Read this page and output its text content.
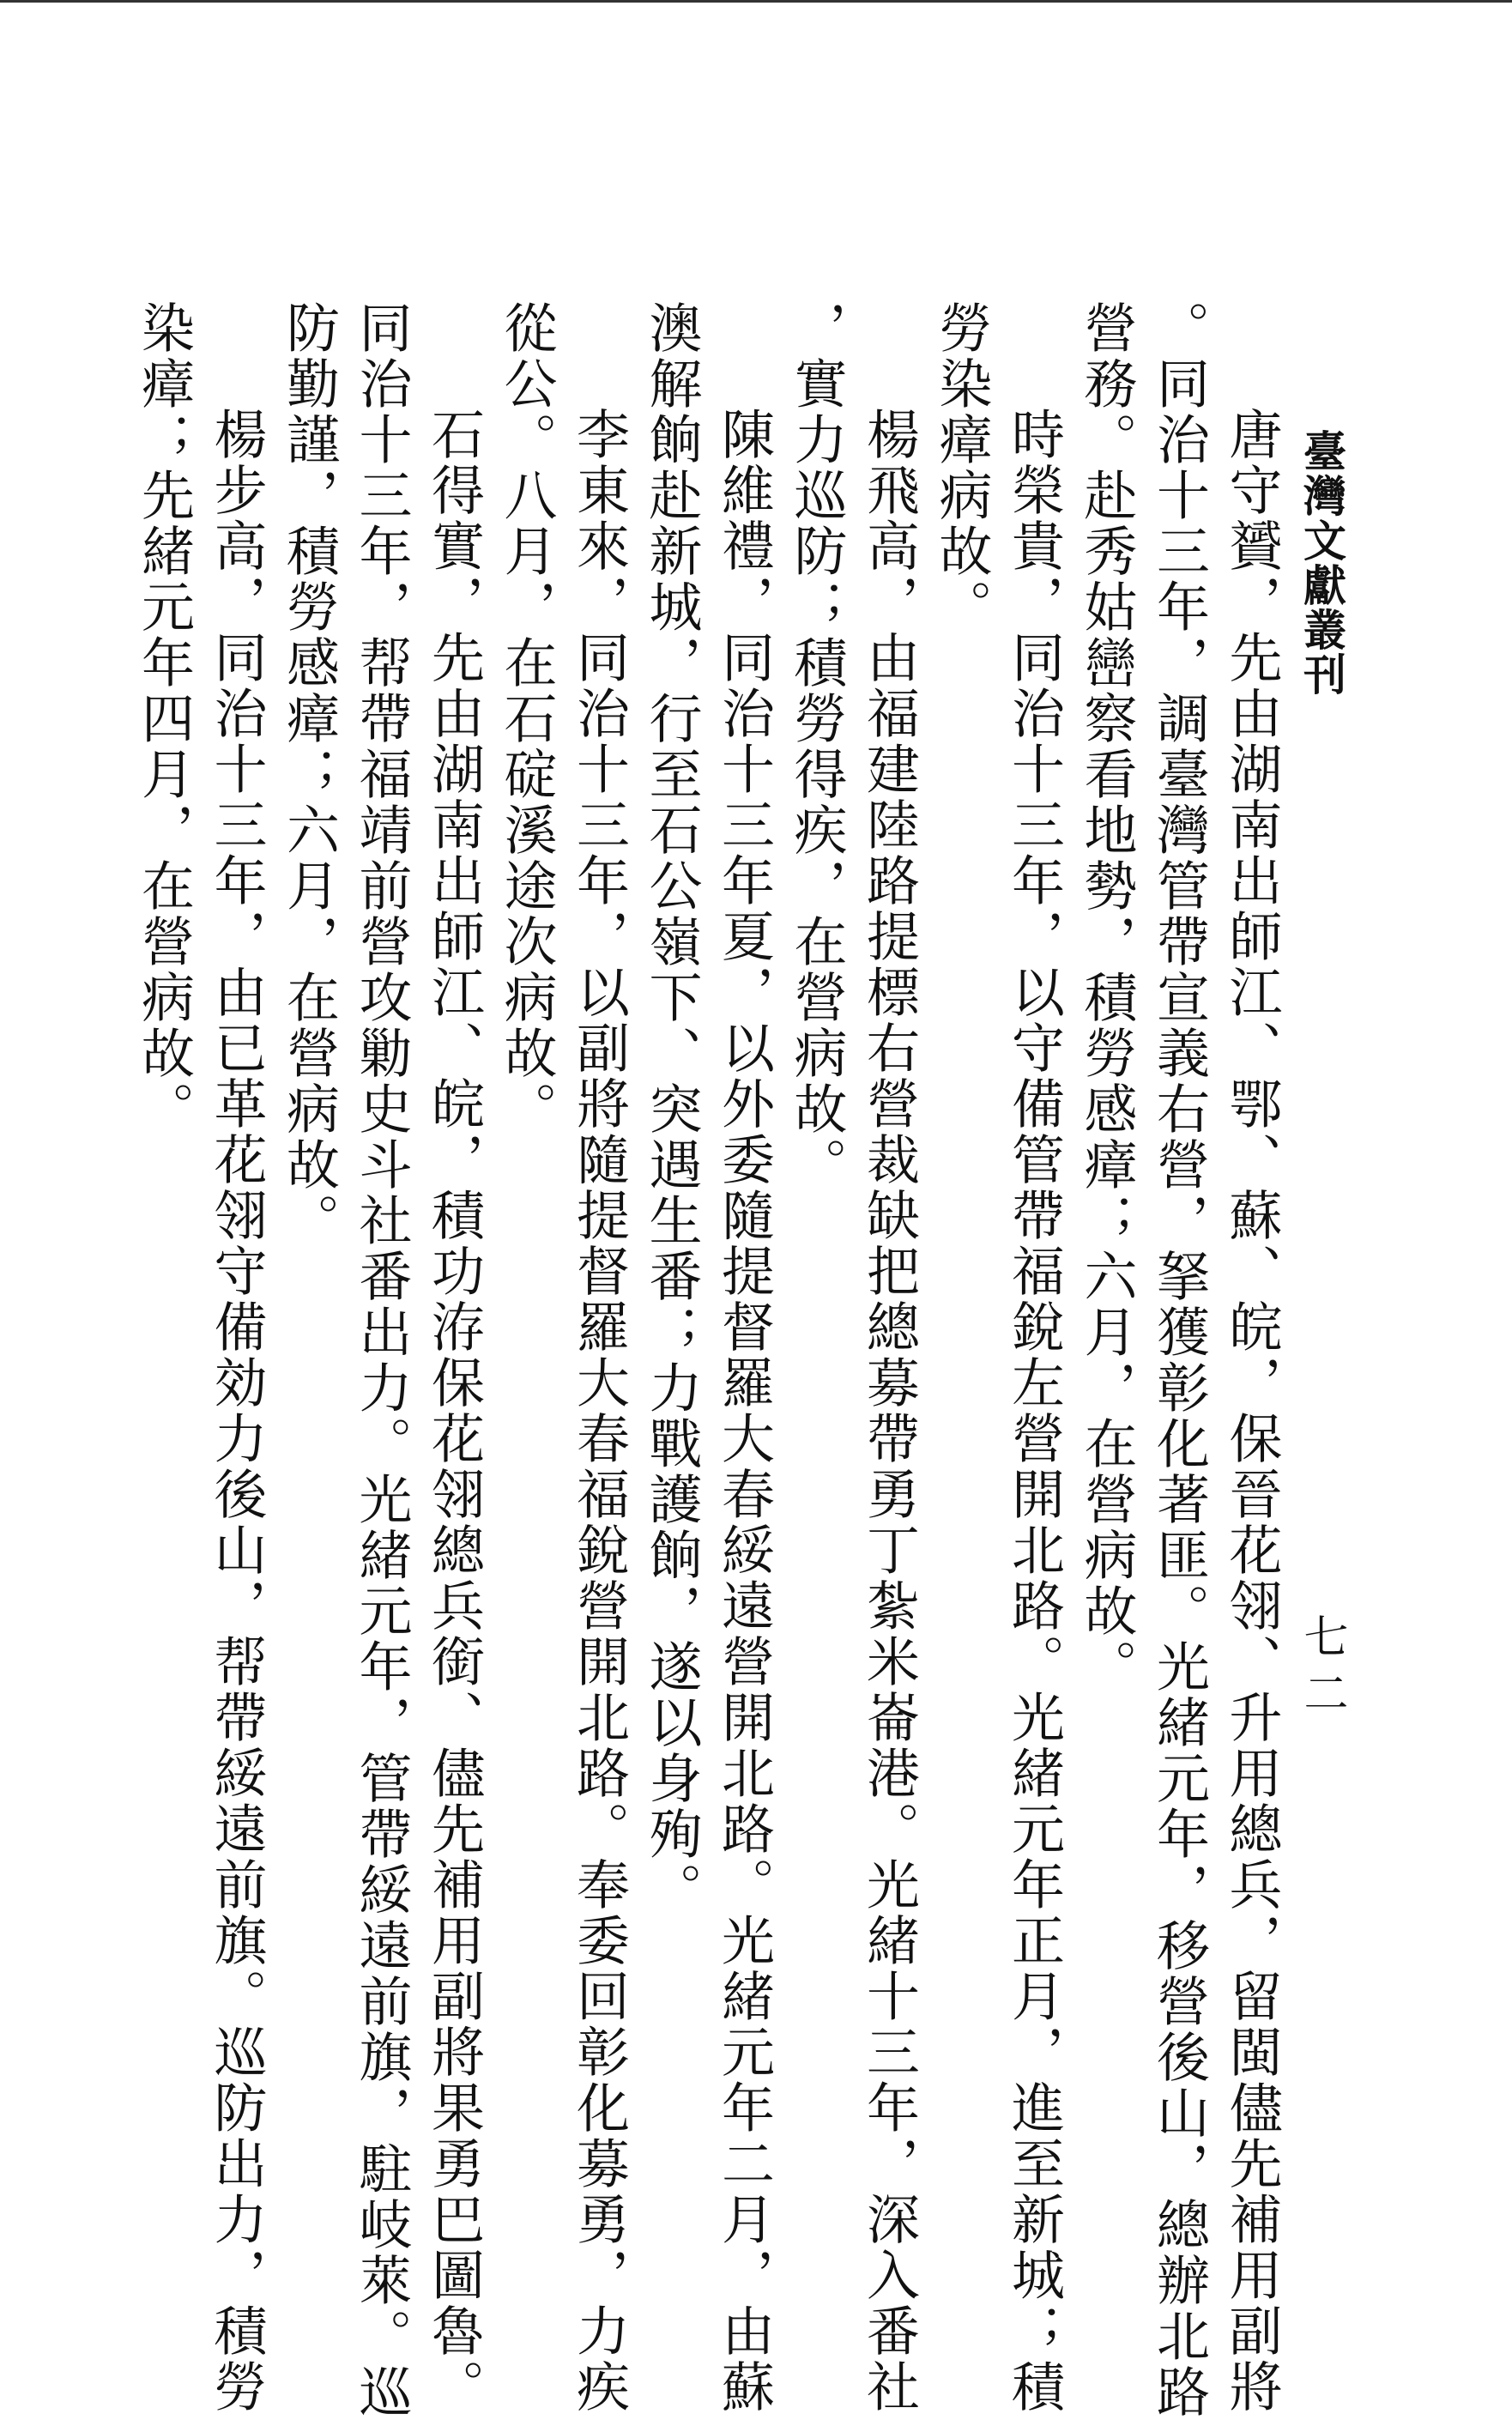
臺灣文獻叢刊
七二
唐守贇，先由湖南出師江、鄂、蘇、皖，保晉花翎、升用總兵，留閩儘先補用副將
。同治十三年，調臺灣管帶宣義右營，拏獲彰化著匪。光緒元年，移營後山，總辦北路
營務。赴秀姑巒察看地勢，積勞感瘴；六月，在營病故。
時榮貴，同治十三年，以守備管帶福銳左營開北路。光緒元年正月，進至新城；積
勞染瘴病故。
楊飛高，由福建陸路提標右營裁缺把總募帶勇丁紮米崙港。光緒十三年，深入番社
，實力巡防；積勞得疾，在營病故。
陳維禮，同治十三年夏，以外委隨提督羅大春綏遠營開北路。光緒元年二月，由蘇
澳解餉赴新城，行至石公嶺下、突遇生番；力戰護餉，遂以身殉。
李東來，同治十三年，以副將隨提督羅大春福銳營開北路。奉委回彰化募勇，力疾
從公。八月，在石碇溪途次病故。
石得實，先由湖南出師江、皖，積功洊保花翎總兵銜、儘先補用副將果勇巴圖魯。
同治十三年，帮帶福靖前營攻勦史斗社番出力。光緒元年，管帶綏遠前旗，駐岐萊。巡
防勤謹，積勞感瘴；六月，在營病故。
楊步高，同治十三年，由已革花翎守備効力後山，帮帶綏遠前旗。巡防出力，積勞
染瘴；先緒元年四月，在營病故。
